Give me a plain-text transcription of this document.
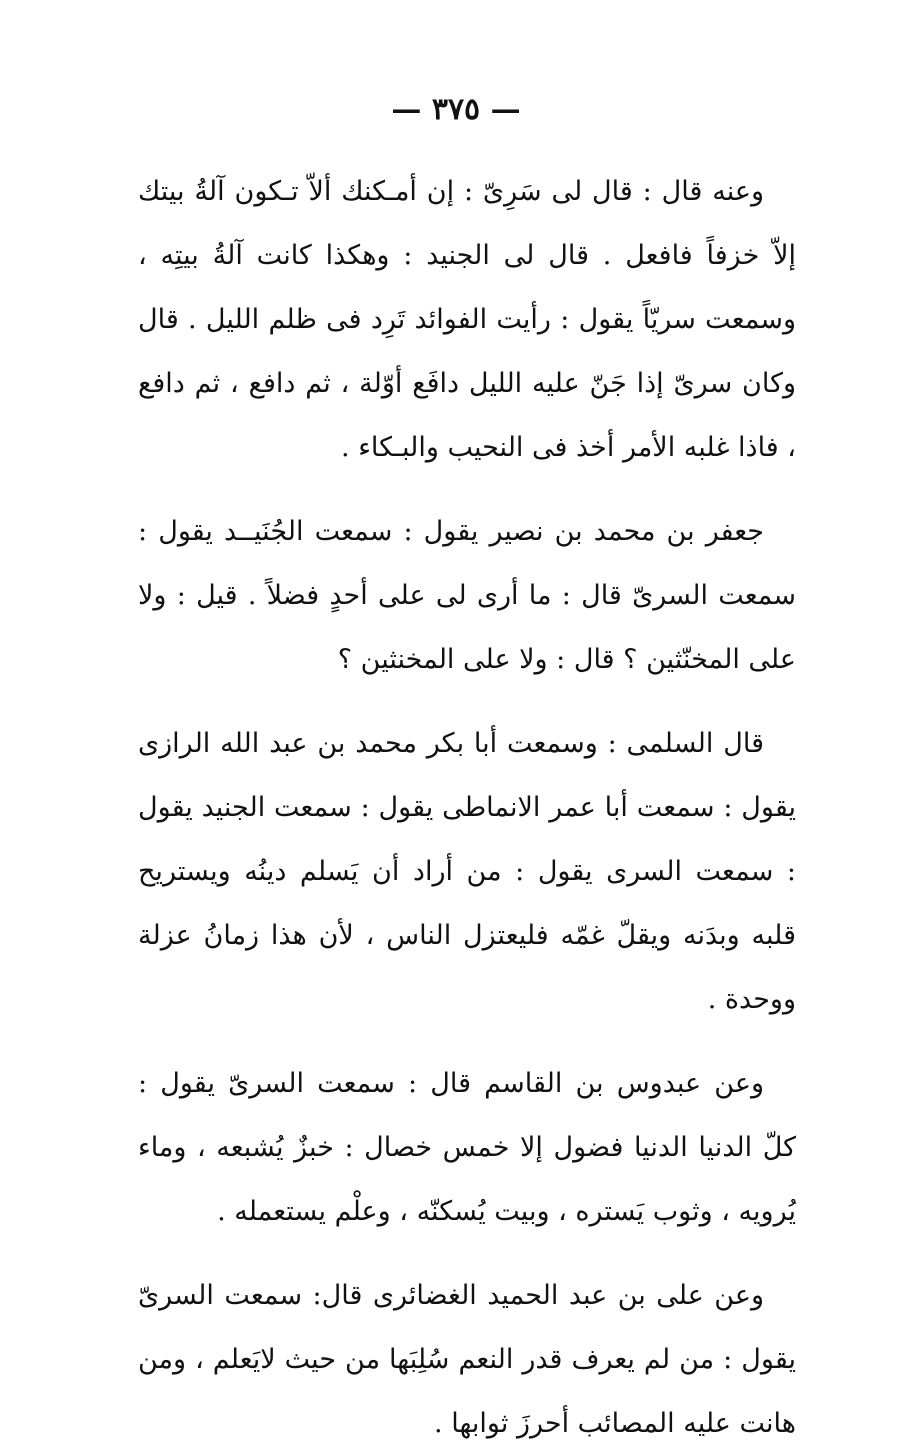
— ٣٧٥ —

وعنه قال : قال لى سَرِىّ : إن أمـكنك ألاّ تـكون آلةُ بيتك إلاّ خزفاً فافعل . قال لى الجنيد : وهكذا كانت آلةُ بيتِه ، وسمعت سريّاً يقول : رأيت الفوائد تَرِد فى ظلم الليل . قال وكان سرىّ إذا جَنّ عليه الليل دافَع أوّلة ، ثم دافع ، ثم دافع ، فاذا غلبه الأمر أخذ فى النحيب والبـكاء .

جعفر بن محمد بن نصير يقول : سمعت الجُنَيــد يقول : سمعت السرىّ قال : ما أرى لى على أحدٍ فضلاً . قيل : ولا على المخنّثين ؟ قال : ولا على المخنثين ؟

قال السلمى : وسمعت أبا بكر محمد بن عبد الله الرازى يقول : سمعت أبا عمر الانماطى يقول : سمعت الجنيد يقول : سمعت السرى يقول : من أراد أن يَسلم دينُه ويستريح قلبه وبدَنه ويقلّ غمّه فليعتزل الناس ، لأن هذا زمانُ عزلة ووحدة .

وعن عبدوس بن القاسم قال : سمعت السرىّ يقول : كلّ الدنيا الدنيا فضول إلا خمس خصال : خبزٌ يُشبعه ، وماء يُرويه ، وثوب يَستره ، وبيت يُسكنّه ، وعلْم يستعمله .

وعن على بن عبد الحميد الغضائرى قال: سمعت السرىّ يقول : من لم يعرف قدر النعم سُلِبَها من حيث لايَعلم ، ومن هانت عليه المصائب أحرزَ ثوابها .
